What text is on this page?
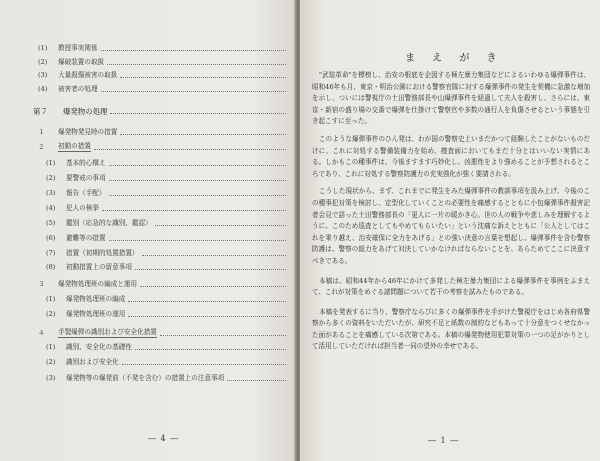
(1)	教授事実関係
(2)	爆破装置の取扱
(3)	大量殺傷被害の取扱
(4)	被害者の処理
第７	爆発物の処理
１	爆発物発見時の措置
２	初動の措置
(1)	基本的心構え
(2)	要警戒の事項
(3)	報告（手配）
(4)	犯人の検挙
(5)	鑑別（応急的な識別、鑑認）
(6)	避難等の措置
(7)	措置（初期的処置措置）
(8)	初動措置上の留意事項
３	爆発物処理班の編成と運用
(1)	爆発物処理班の編成
(2)	爆発物処理班の運用
４	手製爆弾の識別および安全化措置
(1)	識別、安全化の基礎性
(2)	識別および安全化
(3)	爆発物等の爆発前（不発を含む）の措置上の注意事項
― 4 ―
ま え が き

"武装革命"を標榜し、治安の根底を企図する極左暴力集団などによるいわゆる爆弾事件は、昭和46年も月、東京・明治公園における警察官隊に対する爆弾事件の発生を契機に急激な増加を示し、ついには警視庁の土田警務部長や山爆弾事件を経過して夫人を殺害し、さらには、東京・新宿の盛り場の交番で爆弾を仕掛けて警察官や多数の通行人を負傷させるという事態を引き起こすに至った。

このような爆弾事件のひん発は、わが国の警察史上いまだかつて経験したことがないものだけに、これに対処する警備装備力を始め、捜査面においてもまだ十分とはいいない実情にある。しかもこの種事件は、今後ますます巧妙化し、凶悪性をより強めることが予想されるところであり、これに対処する警察防護力の充実強化が強く要請される。

こうした現状から、まず、これまでに発生をみた爆弾事件の教訓事項を汲み上げ、今後のこの種事犯対策を検討し、定型化していくことの必要性を痛感するとともに小包爆弾事件殺害記者会見で語った土田警務部長の「更人に一片の暖かき心。世の人の戦争や悲しみを理解するように。このため巡査としてもやめてもらいたい」という沈痛な訴えとともに「公人としてはこれを乗り越え、治安確保に全力をあげる」との強い決意の言葉を想起し、爆弾事件を含む警察防護は、警察の総力をあげて対決していかなければならないことを、あらためてここに決意すべきである。

本稿は、昭和44年から46年にかけて多発した極左暴力集団による爆弾事件を事例をふまえて、これが対策をめぐる諸問題について若干の考察を試みたものである。

本稿を発表するに当り、警察庁ならびに多くの爆弾事件を手がけた警視庁をはじめ各府県警察から多くの資料をいただいたが、研究不足と紙数の制約などもあって十分意をつくせなかった面があることを痛感している次第である。本稿の爆発物使用犯罪対策の一つの足がかりとして活用していただければ担当者一同の望外の幸せである。

― 1 ―
